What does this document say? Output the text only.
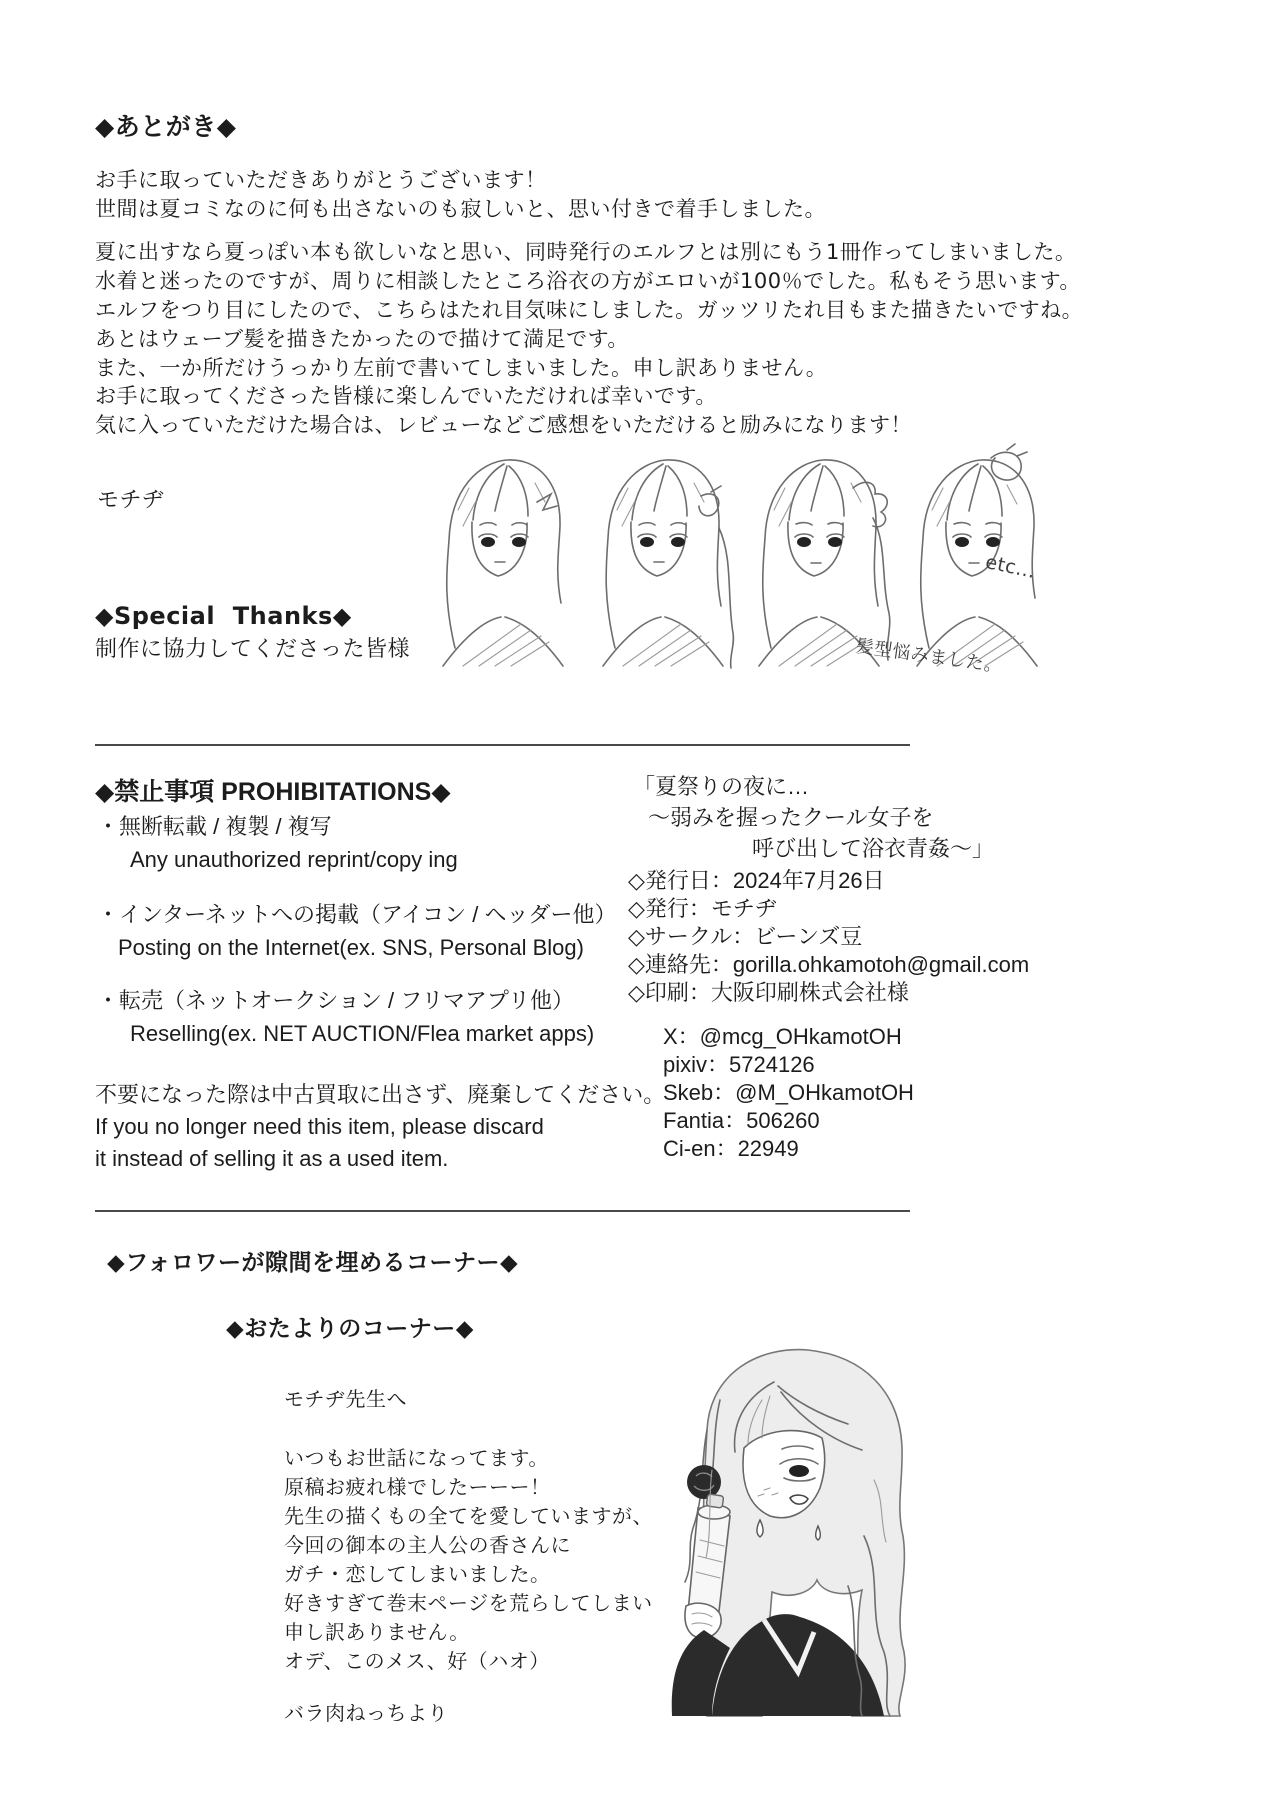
◆あとがき◆
お手に取っていただきありがとうございます！
世間は夏コミなのに何も出さないのも寂しいと、思い付きで着手しました。
夏に出すなら夏っぽい本も欲しいなと思い、同時発行のエルフとは別にもう1冊作ってしまいました。
水着と迷ったのですが、周りに相談したところ浴衣の方がエロいが100％でした。私もそう思います。
エルフをつり目にしたので、こちらはたれ目気味にしました。ガッツリたれ目もまた描きたいですね。
あとはウェーブ髪を描きたかったので描けて満足です。
また、一か所だけうっかり左前で書いてしまいました。申し訳ありません。
お手に取ってくださった皆様に楽しんでいただければ幸いです。
気に入っていただけた場合は、レビューなどご感想をいただけると励みになります！
モチヂ
◆Special  Thanks◆
制作に協力してくださった皆様
etc...
髪型悩みました。
◆禁止事項 PROHIBITATIONS◆
・無断転載 / 複製 / 複写
Any unauthorized reprint/copy ing
・インターネットへの掲載（アイコン / ヘッダー他）
Posting on the Internet(ex. SNS, Personal Blog)
・転売（ネットオークション / フリマアプリ他）
Reselling(ex. NET AUCTION/Flea market apps)
不要になった際は中古買取に出さず、廃棄してください。
If you no longer need this item, please discard
it instead of selling it as a used item.
「夏祭りの夜に…
～弱みを握ったクール女子を
呼び出して浴衣青姦～」
◇発行日：2024年7月26日
◇発行：モチヂ
◇サークル：ビーンズ豆
◇連絡先：gorilla.ohkamotoh@gmail.com
◇印刷：大阪印刷株式会社様
X：@mcg_OHkamotOH
pixiv：5724126
Skeb：@M_OHkamotOH
Fantia：506260
Ci-en：22949
◆フォロワーが隙間を埋めるコーナー◆
◆おたよりのコーナー◆
モチヂ先生へ
いつもお世話になってます。
原稿お疲れ様でしたーーー！
先生の描くもの全てを愛していますが、
今回の御本の主人公の香さんに
ガチ・恋してしまいました。
好きすぎて巻末ページを荒らしてしまい
申し訳ありません。
オデ、このメス、好（ハオ）
バラ肉ねっちより
